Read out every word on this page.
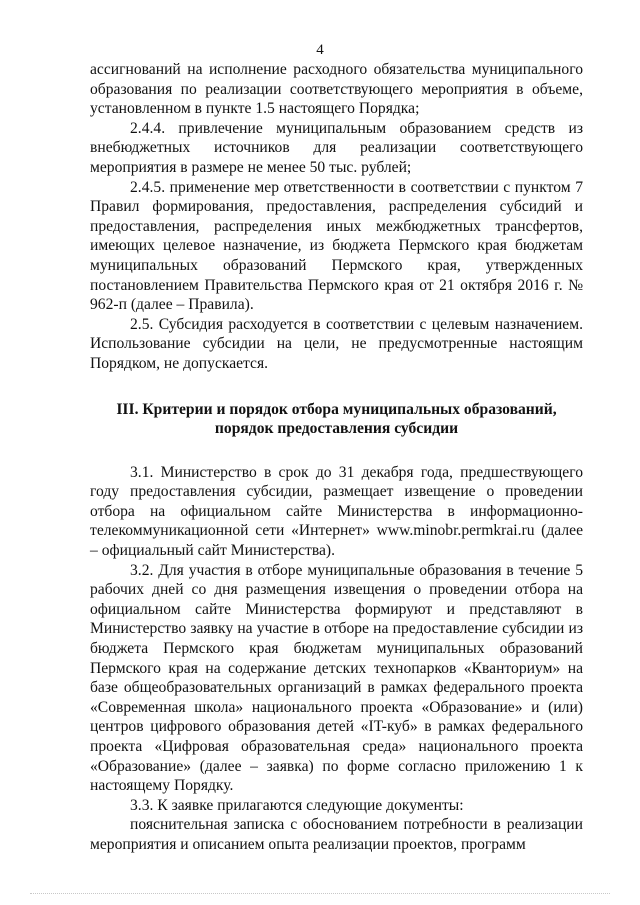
4

ассигнований на исполнение расходного обязательства муниципального образования по реализации соответствующего мероприятия в объеме, установленном в пункте 1.5 настоящего Порядка;

2.4.4. привлечение муниципальным образованием средств из внебюджетных источников для реализации соответствующего мероприятия в размере не менее 50 тыс. рублей;

2.4.5. применение мер ответственности в соответствии с пунктом 7 Правил формирования, предоставления, распределения субсидий и предоставления, распределения иных межбюджетных трансфертов, имеющих целевое назначение, из бюджета Пермского края бюджетам муниципальных образований Пермского края, утвержденных постановлением Правительства Пермского края от 21 октября 2016 г. № 962-п (далее – Правила).

2.5. Субсидия расходуется в соответствии с целевым назначением. Использование субсидии на цели, не предусмотренные настоящим Порядком, не допускается.

III. Критерии и порядок отбора муниципальных образований,
порядок предоставления субсидии

3.1. Министерство в срок до 31 декабря года, предшествующего году предоставления субсидии, размещает извещение о проведении отбора на официальном сайте Министерства в информационно-телекоммуникационной сети «Интернет» www.minobr.permkrai.ru (далее – официальный сайт Министерства).

3.2. Для участия в отборе муниципальные образования в течение 5 рабочих дней со дня размещения извещения о проведении отбора на официальном сайте Министерства формируют и представляют в Министерство заявку на участие в отборе на предоставление субсидии из бюджета Пермского края бюджетам муниципальных образований Пермского края на содержание детских технопарков «Кванториум» на базе общеобразовательных организаций в рамках федерального проекта «Современная школа» национального проекта «Образование» и (или) центров цифрового образования детей «IT-куб» в рамках федерального проекта «Цифровая образовательная среда» национального проекта «Образование» (далее – заявка) по форме согласно приложению 1 к настоящему Порядку.

3.3. К заявке прилагаются следующие документы:

пояснительная записка с обоснованием потребности в реализации мероприятия и описанием опыта реализации проектов, программ
